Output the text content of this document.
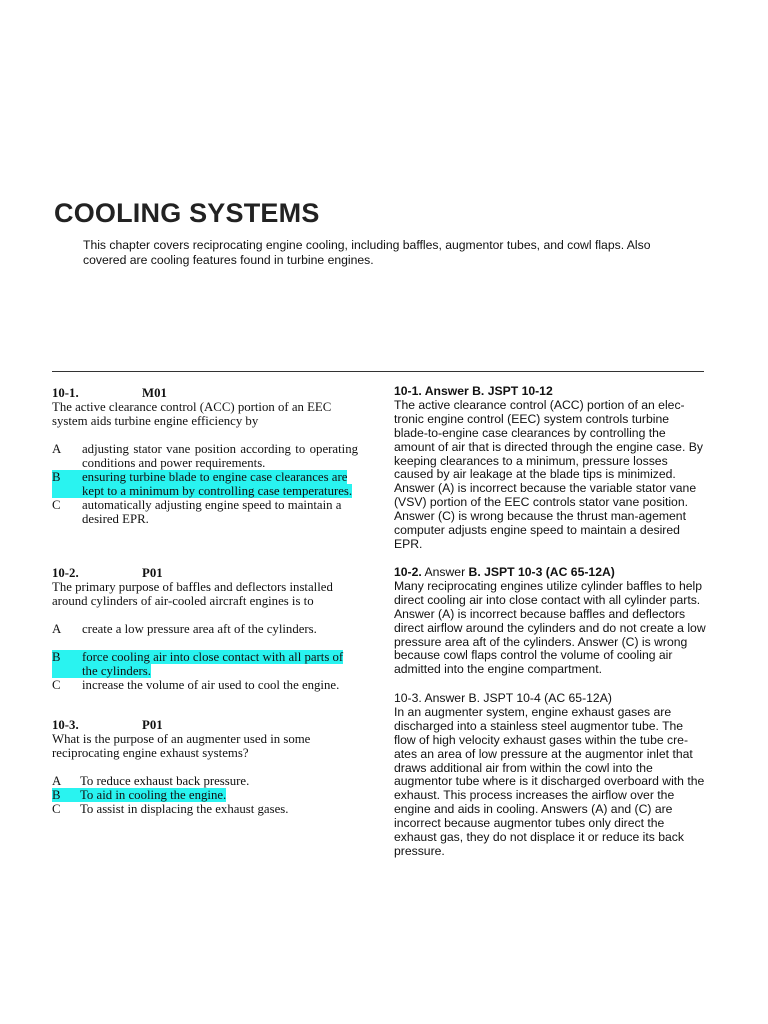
COOLING SYSTEMS
This chapter covers reciprocating engine cooling, including baffles, augmentor tubes, and cowl flaps. Also covered are cooling features found in turbine engines.
10-1.	M01
The active clearance control (ACC) portion of an EEC system aids turbine engine efficiency by
A	adjusting stator vane position according to operating conditions and power requirements.
B	ensuring turbine blade to engine case clearances are kept to a minimum by controlling case temperatures.
C	automatically adjusting engine speed to maintain a desired EPR.
10-2.	P01
The primary purpose of baffles and deflectors installed around cylinders of air-cooled aircraft engines is to
A	create a low pressure area aft of the cylinders.
B	force cooling air into close contact with all parts of the cylinders.
C	increase the volume of air used to cool the engine.
10-3.	P01
What is the purpose of an augmenter used in some reciprocating engine exhaust systems?
A	To reduce exhaust back pressure.
B	To aid in cooling the engine.
C	To assist in displacing the exhaust gases.
10-1. Answer B. JSPT 10-12
The active clearance control (ACC) portion of an elec-tronic engine control (EEC) system controls turbine blade-to-engine case clearances by controlling the amount of air that is directed through the engine case. By keeping clearances to a minimum, pressure losses caused by air leakage at the blade tips is minimized. Answer (A) is incorrect because the variable stator vane (VSV) portion of the EEC controls stator vane position. Answer (C) is wrong because the thrust man-agement computer adjusts engine speed to maintain a desired EPR.
10-2. Answer B. JSPT 10-3 (AC 65-12A)
Many reciprocating engines utilize cylinder baffles to help direct cooling air into close contact with all cylinder parts. Answer (A) is incorrect because baffles and deflectors direct airflow around the cylinders and do not create a low pressure area aft of the cylinders. Answer (C) is wrong because cowl flaps control the volume of cooling air admitted into the engine compartment.
10-3. Answer B. JSPT 10-4 (AC 65-12A)
In an augmenter system, engine exhaust gases are discharged into a stainless steel augmentor tube. The flow of high velocity exhaust gases within the tube cre-ates an area of low pressure at the augmentor inlet that draws additional air from within the cowl into the augmentor tube where is it discharged overboard with the exhaust. This process increases the airflow over the engine and aids in cooling. Answers (A) and (C) are incorrect because augmentor tubes only direct the exhaust gas, they do not displace it or reduce its back pressure.
